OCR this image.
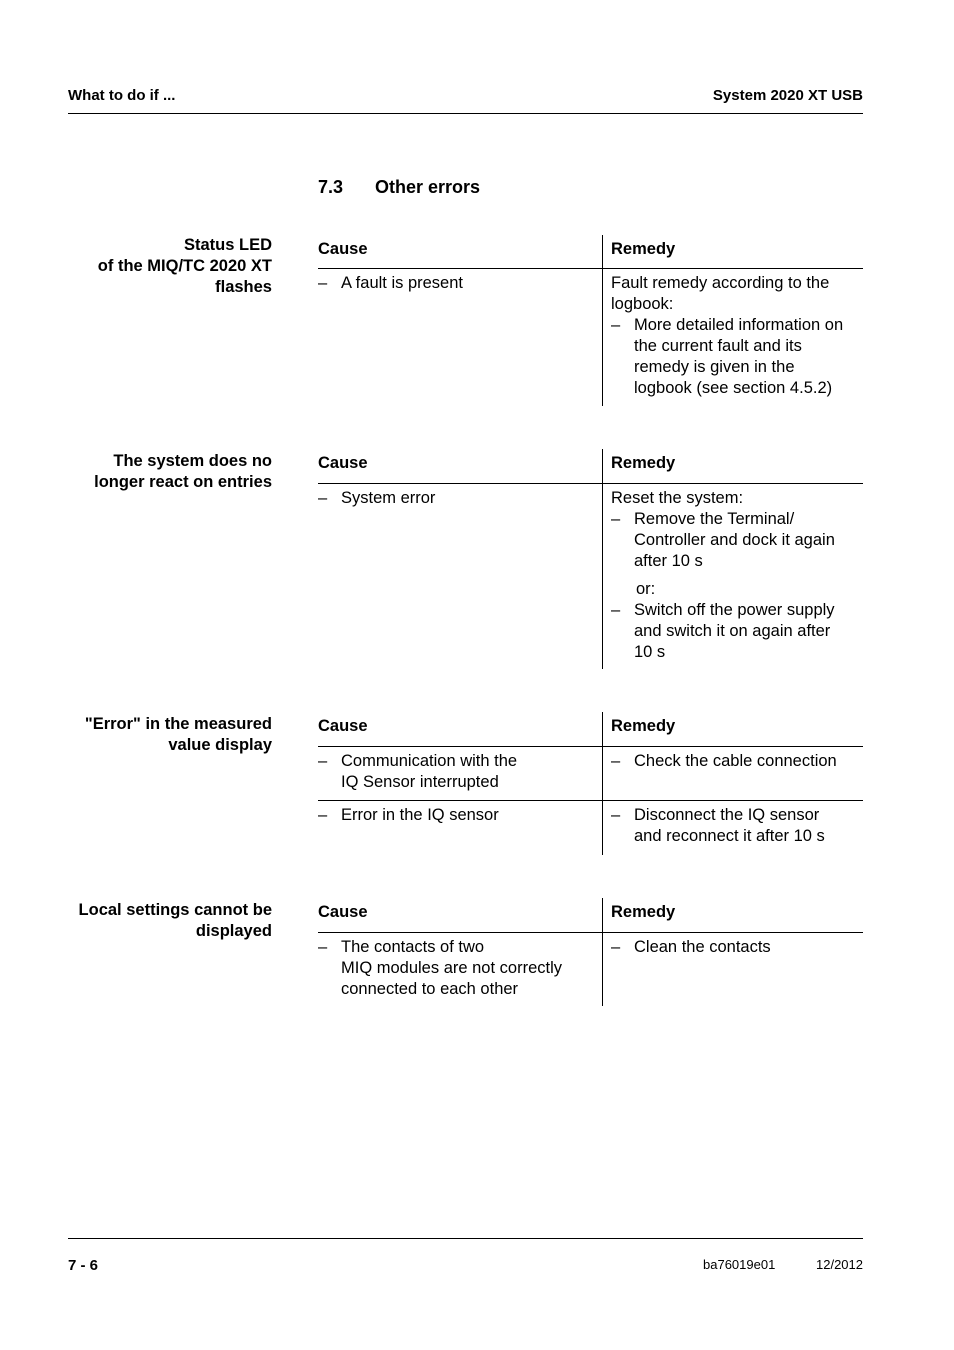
What to do if ...	System 2020 XT USB
7.3 Other errors
Status LED
of the MIQ/TC 2020 XT
flashes
Cause	Remedy
– A fault is present	Fault remedy according to the
logbook:
– More detailed information on
the current fault and its
remedy is given in the
logbook (see section 4.5.2)
The system does no
longer react on entries
Cause	Remedy
– System error	Reset the system:
– Remove the Terminal/
Controller and dock it again
after 10 s
or:
– Switch off the power supply
and switch it on again after
10 s
"Error" in the measured
value display
Cause	Remedy
– Communication with the
IQ Sensor interrupted
– Check the cable connection
– Error in the IQ sensor
–	Disconnect the IQ sensor
and reconnect it after 10 s
Local settings cannot be
displayed
Cause	Remedy
– The contacts of two
MIQ modules are not correctly
connected to each other
– Clean the contacts
7 - 6	ba76019e01	12/2012
